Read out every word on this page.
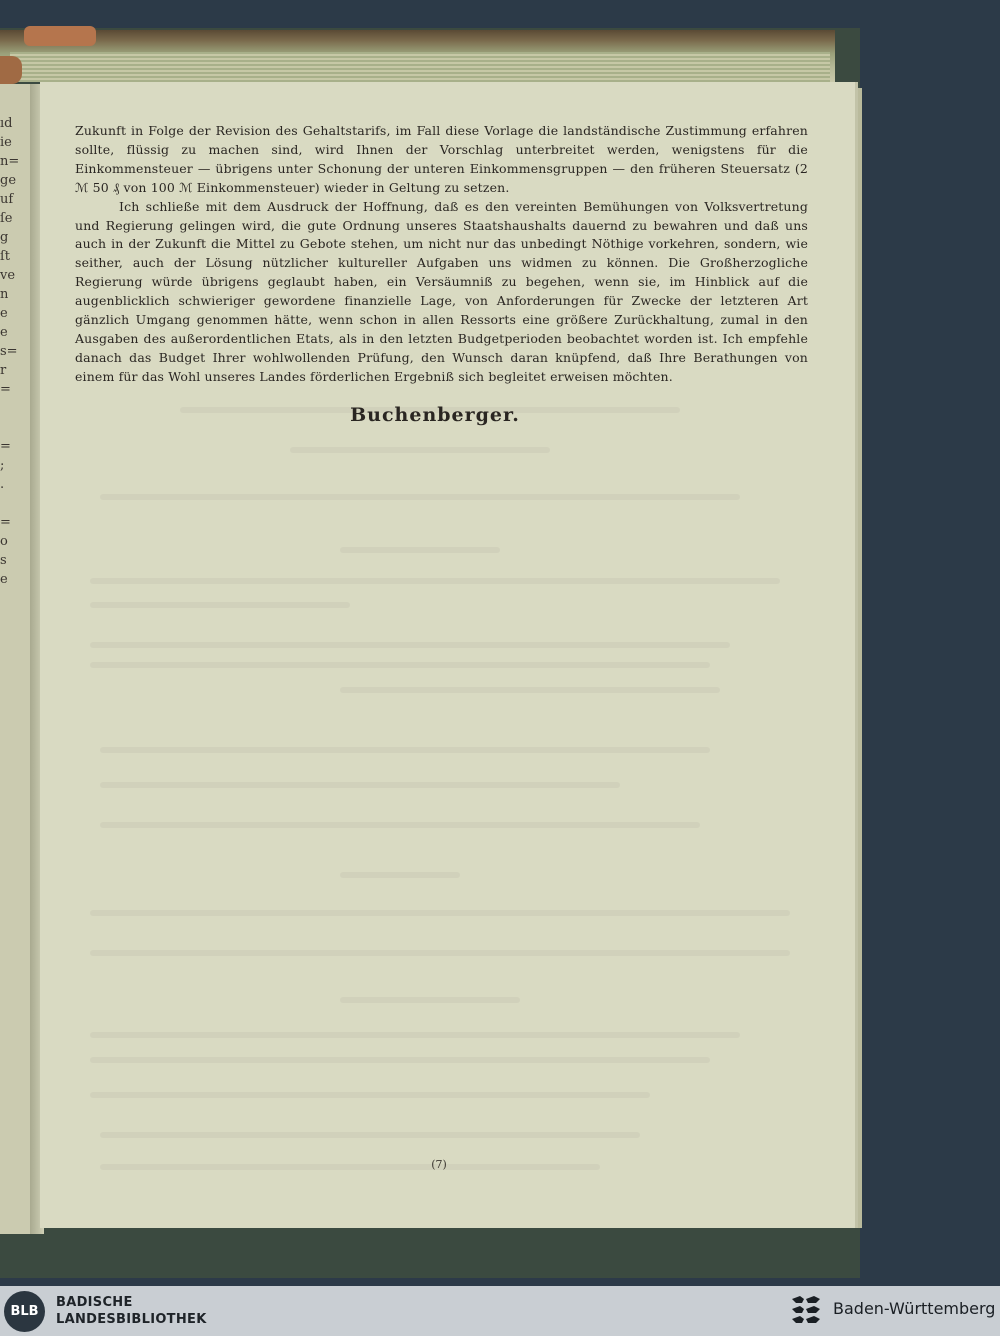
ıd
ie
n=
ge
uf
ſe
g
ſt
ve
n
e
e
s=
r
=
=
;
.
=
o
s
e

Zukunft in Folge der Revision des Gehaltstarifs, im Fall diese Vorlage die landständische Zustimmung erfahren sollte, flüssig zu machen sind, wird Ihnen der Vorschlag unterbreitet werden, wenigstens für die Einkommensteuer — übrigens unter Schonung der unteren Einkommensgruppen — den früheren Steuersatz (2 ℳ 50 ₰ von 100 ℳ Einkommensteuer) wieder in Geltung zu setzen.

Ich schließe mit dem Ausdruck der Hoffnung, daß es den vereinten Bemühungen von Volksvertretung und Regierung gelingen wird, die gute Ordnung unseres Staatshaushalts dauernd zu bewahren und daß uns auch in der Zukunft die Mittel zu Gebote stehen, um nicht nur das unbedingt Nöthige vorkehren, sondern, wie seither, auch der Lösung nützlicher kultureller Aufgaben uns widmen zu können. Die Großherzogliche Regierung würde übrigens geglaubt haben, ein Versäumniß zu begehen, wenn sie, im Hinblick auf die augenblicklich schwieriger gewordene finanzielle Lage, von Anforderungen für Zwecke der letzteren Art gänzlich Umgang genommen hätte, wenn schon in allen Ressorts eine größere Zurückhaltung, zumal in den Ausgaben des außerordentlichen Etats, als in den letzten Budgetperioden beobachtet worden ist. Ich empfehle danach das Budget Ihrer wohlwollenden Prüfung, den Wunsch daran knüpfend, daß Ihre Berathungen von einem für das Wohl unseres Landes förderlichen Ergebniß sich begleitet erweisen möchten.

Buchenberger.
(7)
BLB
BADISCHE
LANDESBIBLIOTHEK
Baden-Württemberg
